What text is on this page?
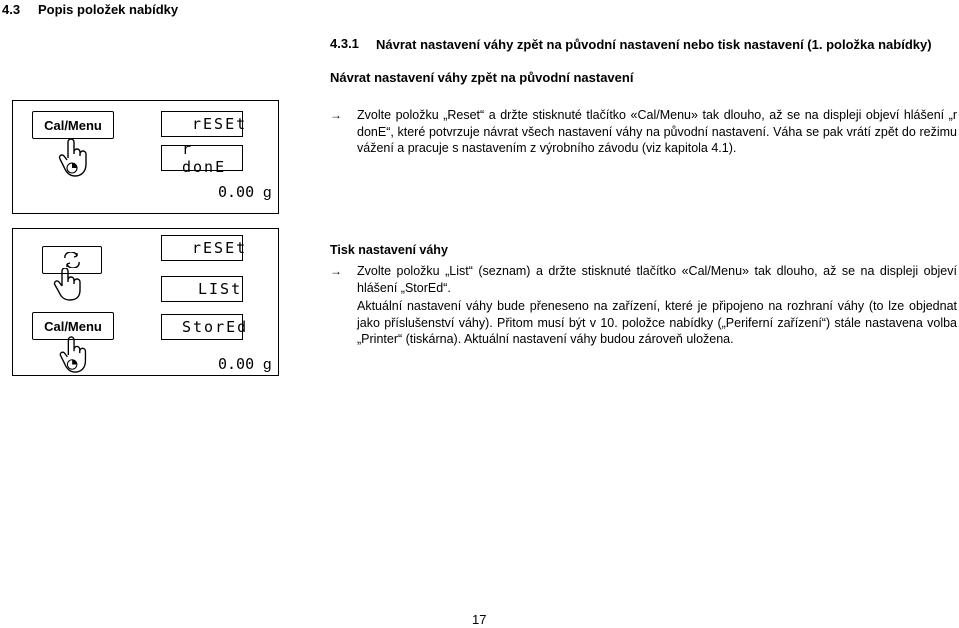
4.3 Popis položek nabídky
4.3.1 Návrat nastavení váhy zpět na původní nastavení nebo tisk nastavení (1. položka nabídky)
Návrat nastavení váhy zpět na původní nastavení
Cal/Menu	rESEt
r donE
0.00 g
→ Zvolte položku „Reset“ a držte stisknuté tlačítko «Cal/Menu» tak dlouho, až se na displeji objeví hlášení „r donE“, které potvrzuje návrat všech nastavení váhy na původní nastavení. Váha se pak vrátí zpět do režimu vážení a pracuje s nastavením z výrobního závodu (viz kapitola 4.1).
Cal/Menu
rESEt
LISt
StorEd
0.00 g
Tisk nastavení váhy
→ Zvolte položku „List“ (seznam) a držte stisknuté tlačítko «Cal/Menu» tak dlouho, až se na displeji objeví hlášení „StorEd“.
Aktuální nastavení váhy bude přeneseno na zařízení, které je připojeno na rozhraní váhy (to lze objednat jako příslušenství váhy). Přitom musí být v 10. položce nabídky („Periferní zařízení“) stále nastavena volba „Printer“ (tiskárna). Aktuální nastavení váhy budou zároveň uložena.
17
